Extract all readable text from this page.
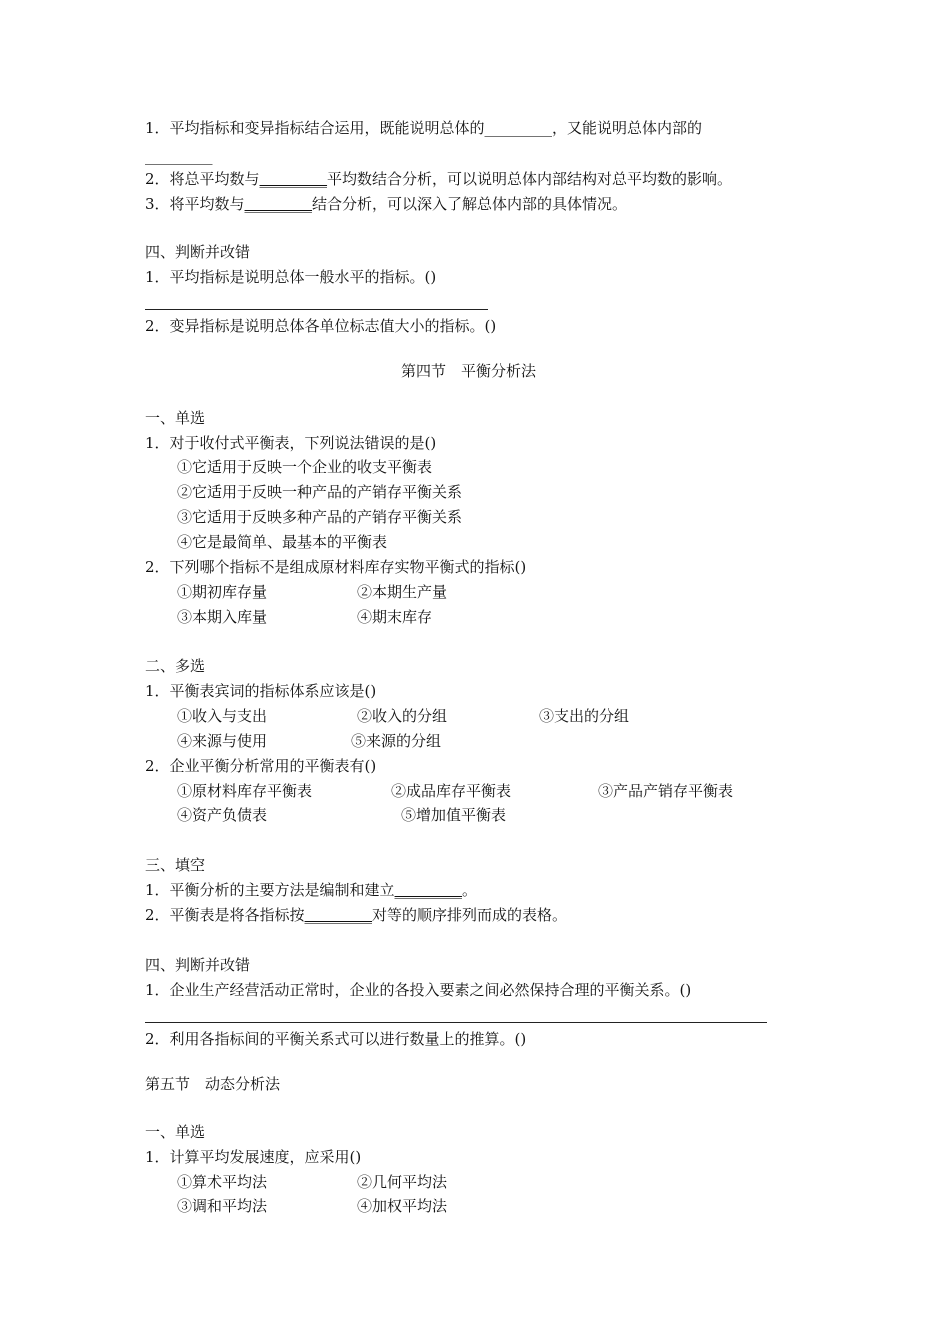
1．平均指标和变异指标结合运用，既能说明总体的_________，又能说明总体内部的
_________
2．将总平均数与_________平均数结合分析，可以说明总体内部结构对总平均数的影响。
3．将平均数与_________结合分析，可以深入了解总体内部的具体情况。
四、判断并改错
1．平均指标是说明总体一般水平的指标。()
2．变异指标是说明总体各单位标志值大小的指标。()
第四节　平衡分析法
一、单选
1．对于收付式平衡表，下列说法错误的是()
①它适用于反映一个企业的收支平衡表
②它适用于反映一种产品的产销存平衡关系
③它适用于反映多种产品的产销存平衡关系
④它是最简单、最基本的平衡表
2．下列哪个指标不是组成原材料库存实物平衡式的指标()
①期初库存量	②本期生产量
③本期入库量	④期末库存
二、多选
1．平衡表宾词的指标体系应该是()
①收入与支出	②收入的分组	③支出的分组
④来源与使用	⑤来源的分组
2．企业平衡分析常用的平衡表有()
①原材料库存平衡表	②成品库存平衡表	③产品产销存平衡表
④资产负债表	⑤增加值平衡表
三、填空
1．平衡分析的主要方法是编制和建立_________。
2．平衡表是将各指标按_________对等的顺序排列而成的表格。
四、判断并改错
1．企业生产经营活动正常时，企业的各投入要素之间必然保持合理的平衡关系。()
2．利用各指标间的平衡关系式可以进行数量上的推算。()
第五节　动态分析法
一、单选
1．计算平均发展速度，应采用()
①算术平均法	②几何平均法
③调和平均法	④加权平均法
